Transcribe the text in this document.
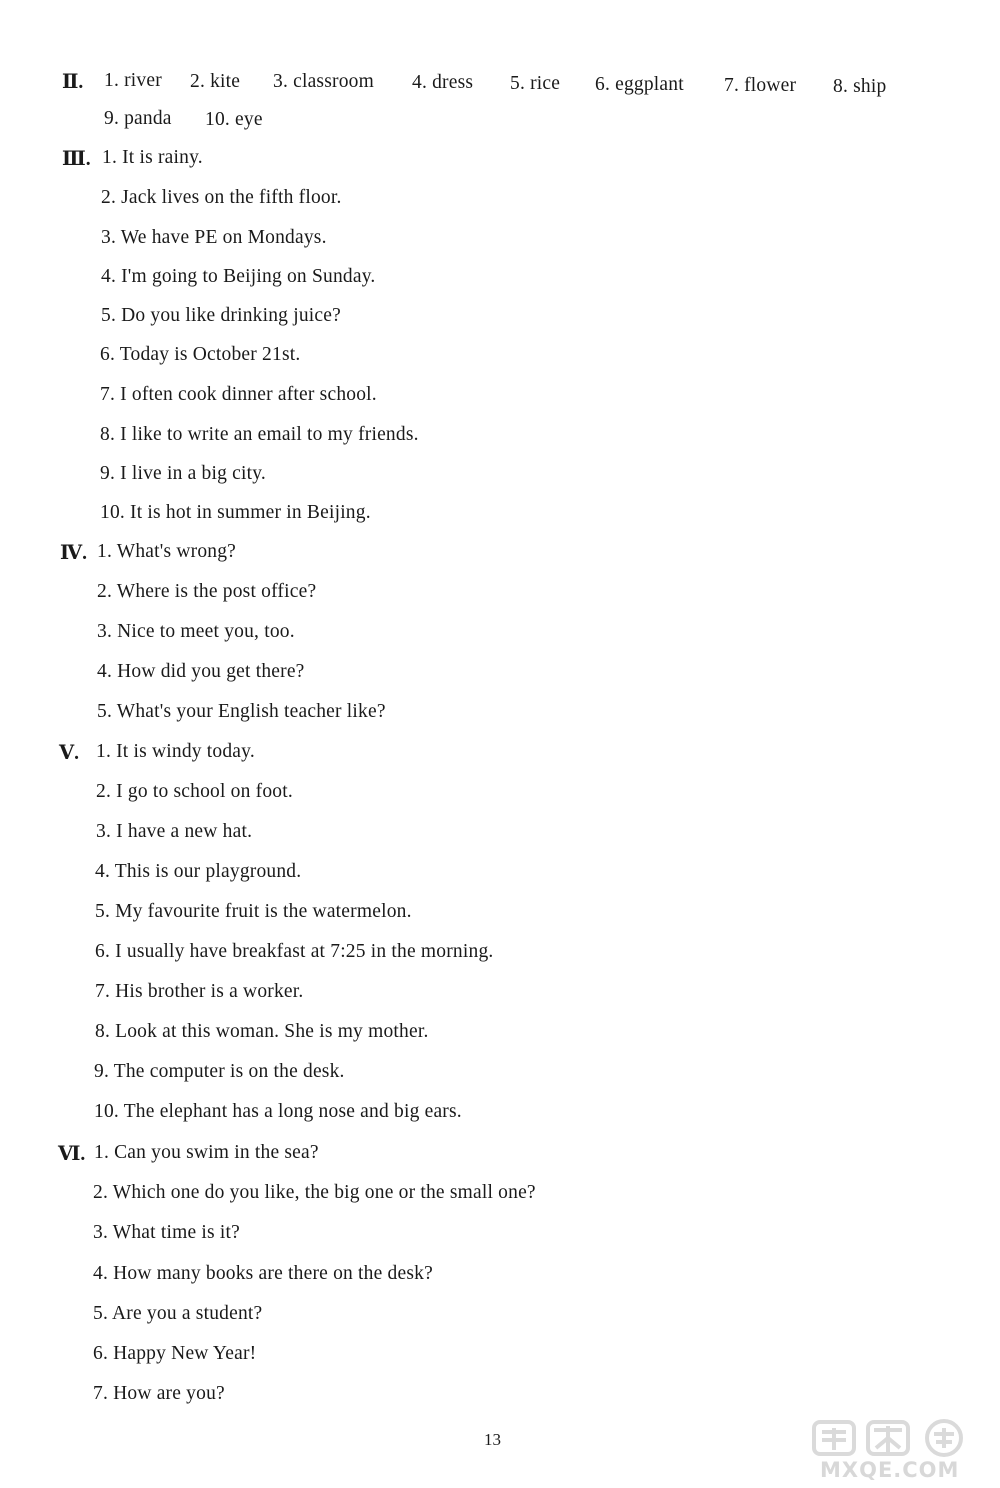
Ⅱ. 1. river 2. kite 3. classroom 4. dress 5. rice 6. eggplant 7. flower 8. ship
9. panda 10. eye
Ⅲ. 1. It is rainy.
2. Jack lives on the fifth floor.
3. We have PE on Mondays.
4. I'm going to Beijing on Sunday.
5. Do you like drinking juice?
6. Today is October 21st.
7. I often cook dinner after school.
8. I like to write an email to my friends.
9. I live in a big city.
10. It is hot in summer in Beijing.
Ⅳ. 1. What's wrong?
2. Where is the post office?
3. Nice to meet you, too.
4. How did you get there?
5. What's your English teacher like?
Ⅴ. 1. It is windy today.
2. I go to school on foot.
3. I have a new hat.
4. This is our playground.
5. My favourite fruit is the watermelon.
6. I usually have breakfast at 7:25 in the morning.
7. His brother is a worker.
8. Look at this woman. She is my mother.
9. The computer is on the desk.
10. The elephant has a long nose and big ears.
Ⅵ. 1. Can you swim in the sea?
2. Which one do you like, the big one or the small one?
3. What time is it?
4. How many books are there on the desk?
5. Are you a student?
6. Happy New Year!
7. How are you?
13
MXQE.COM
